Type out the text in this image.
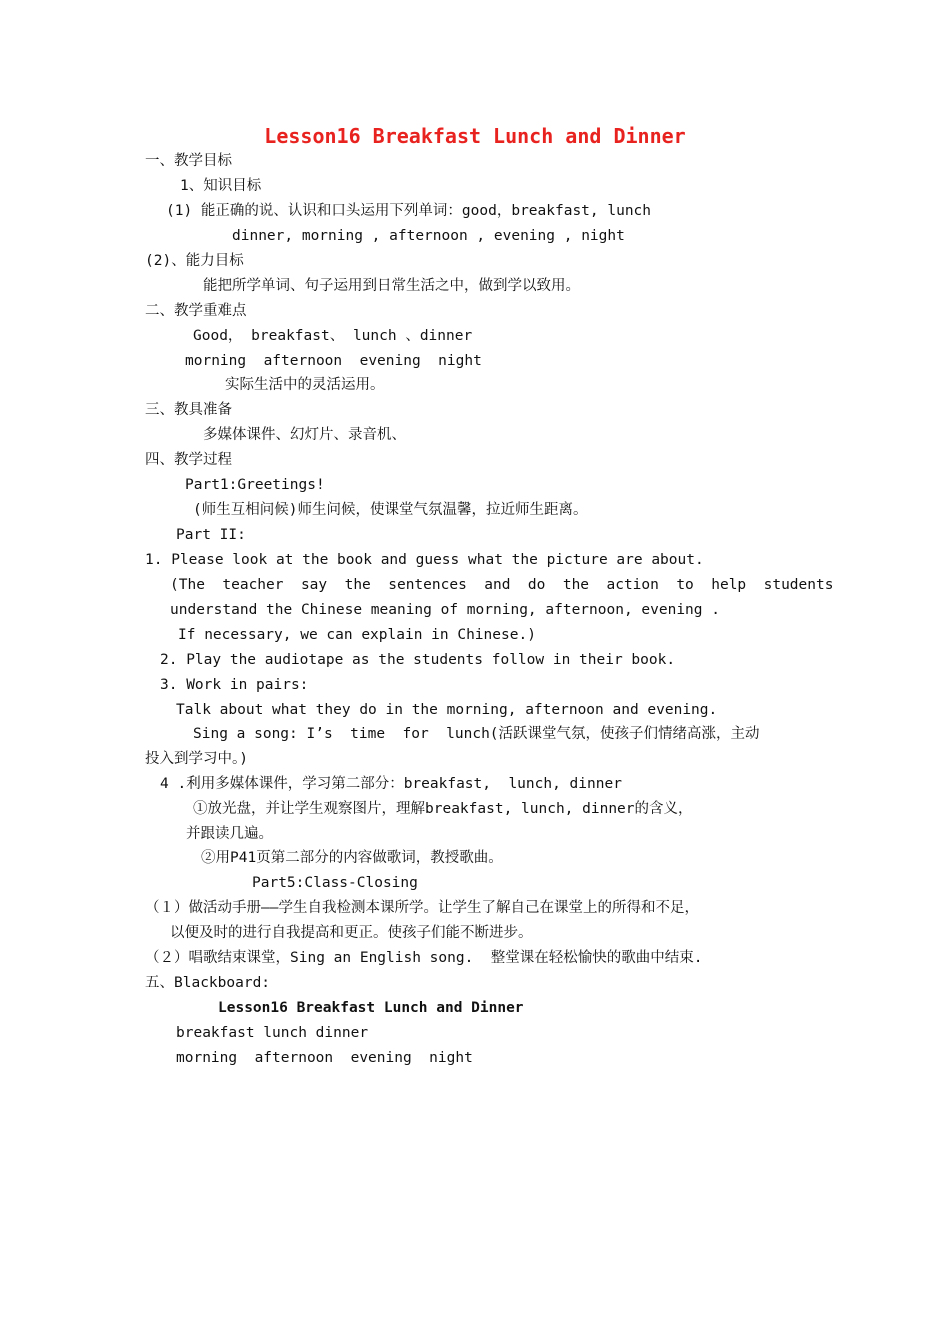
Lesson16 Breakfast Lunch and Dinner
一、教学目标
1、知识目标
(1) 能正确的说、认识和口头运用下列单词：good，breakfast, lunch
dinner, morning , afternoon , evening , night
(2)、能力目标
能把所学单词、句子运用到日常生活之中，做到学以致用。
二、教学重难点
Good， breakfast、 lunch 、dinner
morning  afternoon  evening  night
实际生活中的灵活运用。
三、教具准备
多媒体课件、幻灯片、录音机、
四、教学过程
Part1:Greetings!
(师生互相问候)师生问候，使课堂气氛温馨，拉近师生距离。
Part II:
1. Please look at the book and guess what the picture are about.
(The  teacher  say  the  sentences  and  do  the  action  to  help  students
understand the Chinese meaning of morning, afternoon, evening .
If necessary, we can explain in Chinese.)
2. Play the audiotape as the students follow in their book.
3. Work in pairs:
Talk about what they do in the morning, afternoon and evening.
Sing a song: I’s  time  for  lunch(活跃课堂气氛，使孩子们情绪高涨，主动
投入到学习中。)
4 .利用多媒体课件，学习第二部分：breakfast,  lunch, dinner
①放光盘，并让学生观察图片，理解breakfast, lunch, dinner的含义，
并跟读几遍。
②用P41页第二部分的内容做歌词，教授歌曲。
Part5:Class-Closing
（１）做活动手册——学生自我检测本课所学。让学生了解自己在课堂上的所得和不足，
以便及时的进行自我提高和更正。使孩子们能不断进步。
（２）唱歌结束课堂，Sing an English song.  整堂课在轻松愉快的歌曲中结束.
五、Blackboard:
Lesson16 Breakfast Lunch and Dinner
breakfast lunch dinner
morning  afternoon  evening  night
